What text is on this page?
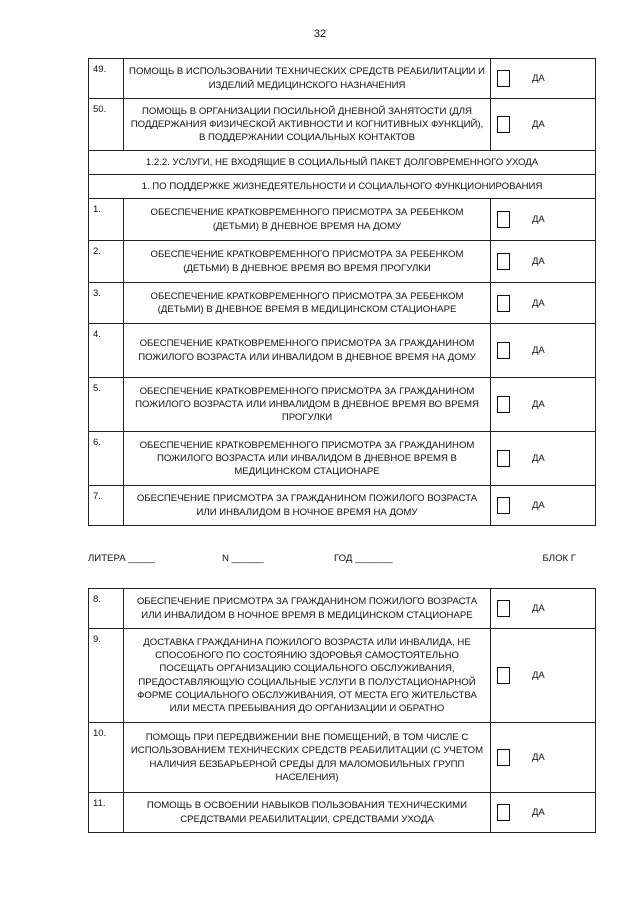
32
49.	ПОМОЩЬ В ИСПОЛЬЗОВАНИИ ТЕХНИЧЕСКИХ СРЕДСТВ РЕАБИЛИТАЦИИ И ИЗДЕЛИЙ МЕДИЦИНСКОГО НАЗНАЧЕНИЯ	ДА

50.	ПОМОЩЬ В ОРГАНИЗАЦИИ ПОСИЛЬНОЙ ДНЕВНОЙ ЗАНЯТОСТИ (ДЛЯ ПОДДЕРЖАНИЯ ФИЗИЧЕСКОЙ АКТИВНОСТИ И КОГНИТИВНЫХ ФУНКЦИЙ), В ПОДДЕРЖАНИИ СОЦИАЛЬНЫХ КОНТАКТОВ	ДА

1.2.2. УСЛУГИ, НЕ ВХОДЯЩИЕ В СОЦИАЛЬНЫЙ ПАКЕТ ДОЛГОВРЕМЕННОГО УХОДА		
1. ПО ПОДДЕРЖКЕ ЖИЗНЕДЕЯТЕЛЬНОСТИ И СОЦИАЛЬНОГО ФУНКЦИОНИРОВАНИЯ		
1.	ОБЕСПЕЧЕНИЕ КРАТКОВРЕМЕННОГО ПРИСМОТРА ЗА РЕБЕНКОМ (ДЕТЬМИ) В ДНЕВНОЕ ВРЕМЯ НА ДОМУ	ДА

2.	ОБЕСПЕЧЕНИЕ КРАТКОВРЕМЕННОГО ПРИСМОТРА ЗА РЕБЕНКОМ (ДЕТЬМИ) В ДНЕВНОЕ ВРЕМЯ ВО ВРЕМЯ ПРОГУЛКИ	ДА

3.	ОБЕСПЕЧЕНИЕ КРАТКОВРЕМЕННОГО ПРИСМОТРА ЗА РЕБЕНКОМ (ДЕТЬМИ) В ДНЕВНОЕ ВРЕМЯ В МЕДИЦИНСКОМ СТАЦИОНАРЕ	ДА

4.	ОБЕСПЕЧЕНИЕ КРАТКОВРЕМЕННОГО ПРИСМОТРА ЗА ГРАЖДАНИНОМ ПОЖИЛОГО ВОЗРАСТА ИЛИ ИНВАЛИДОМ В ДНЕВНОЕ ВРЕМЯ НА ДОМУ	ДА

5.	ОБЕСПЕЧЕНИЕ КРАТКОВРЕМЕННОГО ПРИСМОТРА ЗА ГРАЖДАНИНОМ ПОЖИЛОГО ВОЗРАСТА ИЛИ ИНВАЛИДОМ В ДНЕВНОЕ ВРЕМЯ ВО ВРЕМЯ ПРОГУЛКИ	ДА

6.	ОБЕСПЕЧЕНИЕ КРАТКОВРЕМЕННОГО ПРИСМОТРА ЗА ГРАЖДАНИНОМ ПОЖИЛОГО ВОЗРАСТА ИЛИ ИНВАЛИДОМ В ДНЕВНОЕ ВРЕМЯ В МЕДИЦИНСКОМ СТАЦИОНАРЕ	ДА

7.	ОБЕСПЕЧЕНИЕ ПРИСМОТРА ЗА ГРАЖДАНИНОМ ПОЖИЛОГО ВОЗРАСТА ИЛИ ИНВАЛИДОМ В НОЧНОЕ ВРЕМЯ НА ДОМУ	ДА
ЛИТЕРА _____	N ______	ГОД _______	БЛОК Г
8.	ОБЕСПЕЧЕНИЕ ПРИСМОТРА ЗА ГРАЖДАНИНОМ ПОЖИЛОГО ВОЗРАСТА ИЛИ ИНВАЛИДОМ В НОЧНОЕ ВРЕМЯ В МЕДИЦИНСКОМ СТАЦИОНАРЕ	ДА

9.	ДОСТАВКА ГРАЖДАНИНА ПОЖИЛОГО ВОЗРАСТА ИЛИ ИНВАЛИДА, НЕ СПОСОБНОГО ПО СОСТОЯНИЮ ЗДОРОВЬЯ САМОСТОЯТЕЛЬНО ПОСЕЩАТЬ ОРГАНИЗАЦИЮ СОЦИАЛЬНОГО ОБСЛУЖИВАНИЯ, ПРЕДОСТАВЛЯЮЩУЮ СОЦИАЛЬНЫЕ УСЛУГИ В ПОЛУСТАЦИОНАРНОЙ ФОРМЕ СОЦИАЛЬНОГО ОБСЛУЖИВАНИЯ, ОТ МЕСТА ЕГО ЖИТЕЛЬСТВА ИЛИ МЕСТА ПРЕБЫВАНИЯ ДО ОРГАНИЗАЦИИ И ОБРАТНО	ДА

10.	ПОМОЩЬ ПРИ ПЕРЕДВИЖЕНИИ ВНЕ ПОМЕЩЕНИЙ, В ТОМ ЧИСЛЕ С ИСПОЛЬЗОВАНИЕМ ТЕХНИЧЕСКИХ СРЕДСТВ РЕАБИЛИТАЦИИ (С УЧЕТОМ НАЛИЧИЯ БЕЗБАРЬЕРНОЙ СРЕДЫ ДЛЯ МАЛОМОБИЛЬНЫХ ГРУПП НАСЕЛЕНИЯ)	ДА

11.	ПОМОЩЬ В ОСВОЕНИИ НАВЫКОВ ПОЛЬЗОВАНИЯ ТЕХНИЧЕСКИМИ СРЕДСТВАМИ РЕАБИЛИТАЦИИ, СРЕДСТВАМИ УХОДА	ДА
